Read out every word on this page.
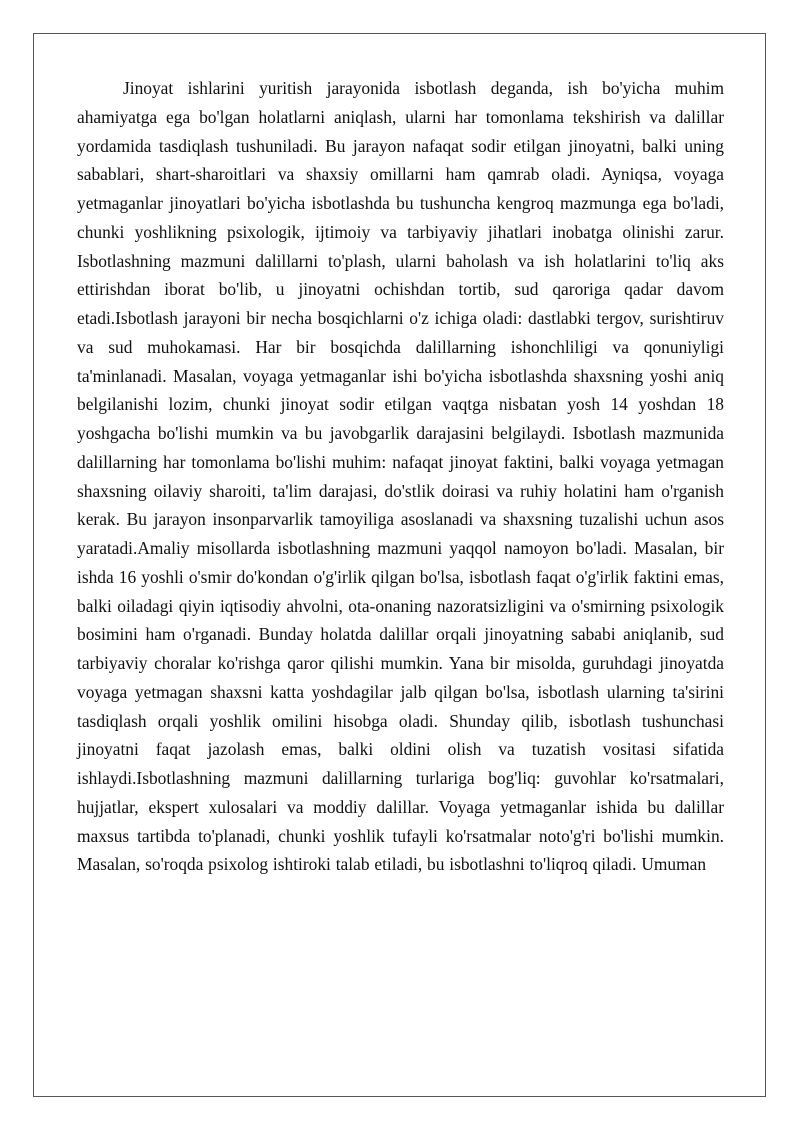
Jinoyat ishlarini yuritish jarayonida isbotlash deganda, ish bo'yicha muhim ahamiyatga ega bo'lgan holatlarni aniqlash, ularni har tomonlama tekshirish va dalillar yordamida tasdiqlash tushuniladi. Bu jarayon nafaqat sodir etilgan jinoyatni, balki uning sabablari, shart-sharoitlari va shaxsiy omillarni ham qamrab oladi. Ayniqsa, voyaga yetmaganlar jinoyatlari bo'yicha isbotlashda bu tushuncha kengroq mazmunga ega bo'ladi, chunki yoshlikning psixologik, ijtimoiy va tarbiyaviy jihatlari inobatga olinishi zarur. Isbotlashning mazmuni dalillarni to'plash, ularni baholash va ish holatlarini to'liq aks ettirishdan iborat bo'lib, u jinoyatni ochishdan tortib, sud qaroriga qadar davom etadi.Isbotlash jarayoni bir necha bosqichlarni o'z ichiga oladi: dastlabki tergov, surishtiruv va sud muhokamasi. Har bir bosqichda dalillarning ishonchliligi va qonuniyligi ta'minlanadi. Masalan, voyaga yetmaganlar ishi bo'yicha isbotlashda shaxsning yoshi aniq belgilanishi lozim, chunki jinoyat sodir etilgan vaqtga nisbatan yosh 14 yoshdan 18 yoshgacha bo'lishi mumkin va bu javobgarlik darajasini belgilaydi. Isbotlash mazmunida dalillarning har tomonlama bo'lishi muhim: nafaqat jinoyat faktini, balki voyaga yetmagan shaxsning oilaviy sharoiti, ta'lim darajasi, do'stlik doirasi va ruhiy holatini ham o'rganish kerak. Bu jarayon insonparvarlik tamoyiliga asoslanadi va shaxsning tuzalishi uchun asos yaratadi.Amaliy misollarda isbotlashning mazmuni yaqqol namoyon bo'ladi. Masalan, bir ishda 16 yoshli o'smir do'kondan o'g'irlik qilgan bo'lsa, isbotlash faqat o'g'irlik faktini emas, balki oiladagi qiyin iqtisodiy ahvolni, ota-onaning nazoratsizligini va o'smirning psixologik bosimini ham o'rganadi. Bunday holatda dalillar orqali jinoyatning sababi aniqlanib, sud tarbiyaviy choralar ko'rishga qaror qilishi mumkin. Yana bir misolda, guruhdagi jinoyatda voyaga yetmagan shaxsni katta yoshdagilar jalb qilgan bo'lsa, isbotlash ularning ta'sirini tasdiqlash orqali yoshlik omilini hisobga oladi. Shunday qilib, isbotlash tushunchasi jinoyatni faqat jazolash emas, balki oldini olish va tuzatish vositasi sifatida ishlaydi.Isbotlashning mazmuni dalillarning turlariga bog'liq: guvohlar ko'rsatmalari, hujjatlar, ekspert xulosalari va moddiy dalillar. Voyaga yetmaganlar ishida bu dalillar maxsus tartibda to'planadi, chunki yoshlik tufayli ko'rsatmalar noto'g'ri bo'lishi mumkin. Masalan, so'roqda psixolog ishtiroki talab etiladi, bu isbotlashni to'liqroq qiladi. Umuman
